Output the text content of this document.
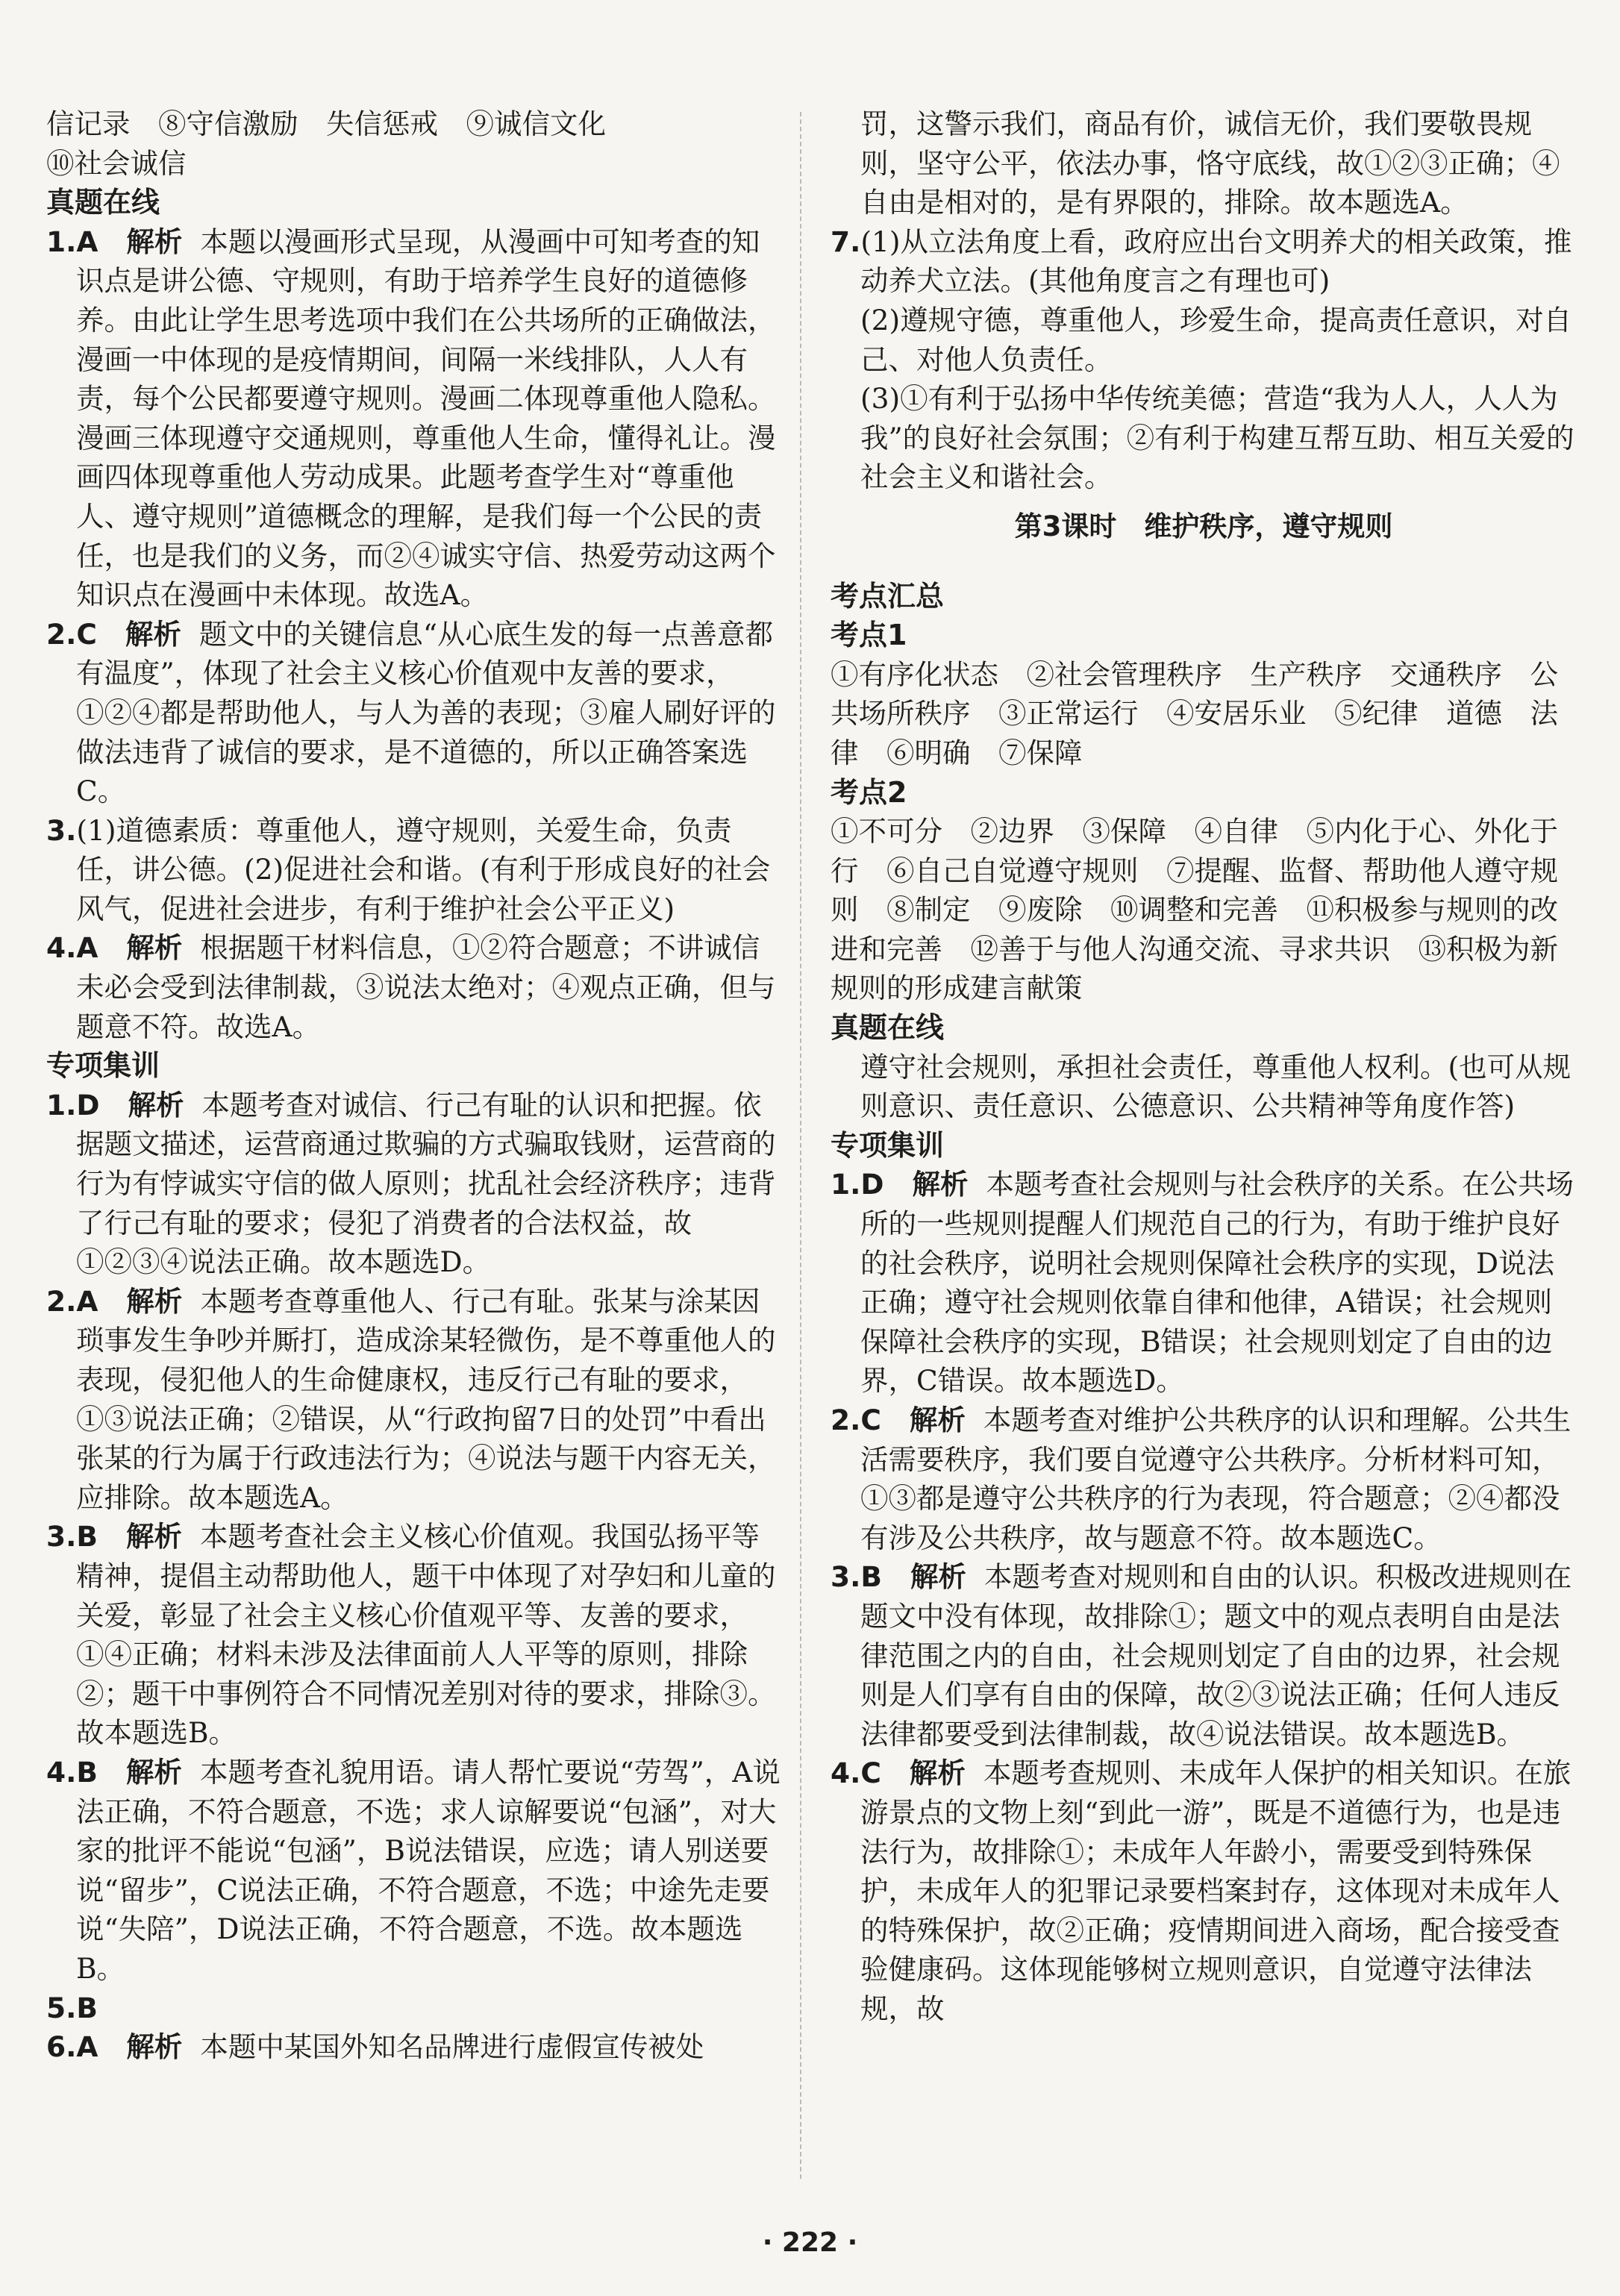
信记录　⑧守信激励　失信惩戒　⑨诚信文化

⑩社会诚信

真题在线

1.A 解析 本题以漫画形式呈现，从漫画中可知考查的知识点是讲公德、守规则，有助于培养学生良好的道德修养。由此让学生思考选项中我们在公共场所的正确做法，漫画一中体现的是疫情期间，间隔一米线排队，人人有责，每个公民都要遵守规则。漫画二体现尊重他人隐私。漫画三体现遵守交通规则，尊重他人生命，懂得礼让。漫画四体现尊重他人劳动成果。此题考查学生对“尊重他人、遵守规则”道德概念的理解，是我们每一个公民的责任，也是我们的义务，而②④诚实守信、热爱劳动这两个知识点在漫画中未体现。故选A。

2.C 解析 题文中的关键信息“从心底生发的每一点善意都有温度”，体现了社会主义核心价值观中友善的要求，①②④都是帮助他人，与人为善的表现；③雇人刷好评的做法违背了诚信的要求，是不道德的，所以正确答案选C。

3.(1)道德素质：尊重他人，遵守规则，关爱生命，负责任，讲公德。(2)促进社会和谐。(有利于形成良好的社会风气，促进社会进步，有利于维护社会公平正义)

4.A 解析 根据题干材料信息，①②符合题意；不讲诚信未必会受到法律制裁，③说法太绝对；④观点正确，但与题意不符。故选A。

专项集训

1.D 解析 本题考查对诚信、行己有耻的认识和把握。依据题文描述，运营商通过欺骗的方式骗取钱财，运营商的行为有悖诚实守信的做人原则；扰乱社会经济秩序；违背了行己有耻的要求；侵犯了消费者的合法权益，故①②③④说法正确。故本题选D。

2.A 解析 本题考查尊重他人、行己有耻。张某与涂某因琐事发生争吵并厮打，造成涂某轻微伤，是不尊重他人的表现，侵犯他人的生命健康权，违反行己有耻的要求，①③说法正确；②错误，从“行政拘留7日的处罚”中看出张某的行为属于行政违法行为；④说法与题干内容无关，应排除。故本题选A。

3.B 解析 本题考查社会主义核心价值观。我国弘扬平等精神，提倡主动帮助他人，题干中体现了对孕妇和儿童的关爱，彰显了社会主义核心价值观平等、友善的要求，①④正确；材料未涉及法律面前人人平等的原则，排除②；题干中事例符合不同情况差别对待的要求，排除③。故本题选B。

4.B 解析 本题考查礼貌用语。请人帮忙要说“劳驾”，A说法正确，不符合题意，不选；求人谅解要说“包涵”，对大家的批评不能说“包涵”，B说法错误，应选；请人别送要说“留步”，C说法正确，不符合题意，不选；中途先走要说“失陪”，D说法正确，不符合题意，不选。故本题选B。

5.B

6.A 解析 本题中某国外知名品牌进行虚假宣传被处

罚，这警示我们，商品有价，诚信无价，我们要敬畏规则，坚守公平，依法办事，恪守底线，故①②③正确；④自由是相对的，是有界限的，排除。故本题选A。

7.(1)从立法角度上看，政府应出台文明养犬的相关政策，推动养犬立法。(其他角度言之有理也可)

(2)遵规守德，尊重他人，珍爱生命，提高责任意识，对自己、对他人负责任。

(3)①有利于弘扬中华传统美德；营造“我为人人，人人为我”的良好社会氛围；②有利于构建互帮互助、相互关爱的社会主义和谐社会。

第3课时　维护秩序，遵守规则

考点汇总

考点1

①有序化状态　②社会管理秩序　生产秩序　交通秩序　公共场所秩序　③正常运行　④安居乐业　⑤纪律　道德　法律　⑥明确　⑦保障

考点2

①不可分　②边界　③保障　④自律　⑤内化于心、外化于行　⑥自己自觉遵守规则　⑦提醒、监督、帮助他人遵守规则　⑧制定　⑨废除　⑩调整和完善　⑪积极参与规则的改进和完善　⑫善于与他人沟通交流、寻求共识　⑬积极为新规则的形成建言献策

真题在线

遵守社会规则，承担社会责任，尊重他人权利。(也可从规则意识、责任意识、公德意识、公共精神等角度作答)

专项集训

1.D 解析 本题考查社会规则与社会秩序的关系。在公共场所的一些规则提醒人们规范自己的行为，有助于维护良好的社会秩序，说明社会规则保障社会秩序的实现，D说法正确；遵守社会规则依靠自律和他律，A错误；社会规则保障社会秩序的实现，B错误；社会规则划定了自由的边界，C错误。故本题选D。

2.C 解析 本题考查对维护公共秩序的认识和理解。公共生活需要秩序，我们要自觉遵守公共秩序。分析材料可知，①③都是遵守公共秩序的行为表现，符合题意；②④都没有涉及公共秩序，故与题意不符。故本题选C。

3.B 解析 本题考查对规则和自由的认识。积极改进规则在题文中没有体现，故排除①；题文中的观点表明自由是法律范围之内的自由，社会规则划定了自由的边界，社会规则是人们享有自由的保障，故②③说法正确；任何人违反法律都要受到法律制裁，故④说法错误。故本题选B。

4.C 解析 本题考查规则、未成年人保护的相关知识。在旅游景点的文物上刻“到此一游”，既是不道德行为，也是违法行为，故排除①；未成年人年龄小，需要受到特殊保护，未成年人的犯罪记录要档案封存，这体现对未成年人的特殊保护，故②正确；疫情期间进入商场，配合接受查验健康码。这体现能够树立规则意识，自觉遵守法律法规，故

· 222 ·
